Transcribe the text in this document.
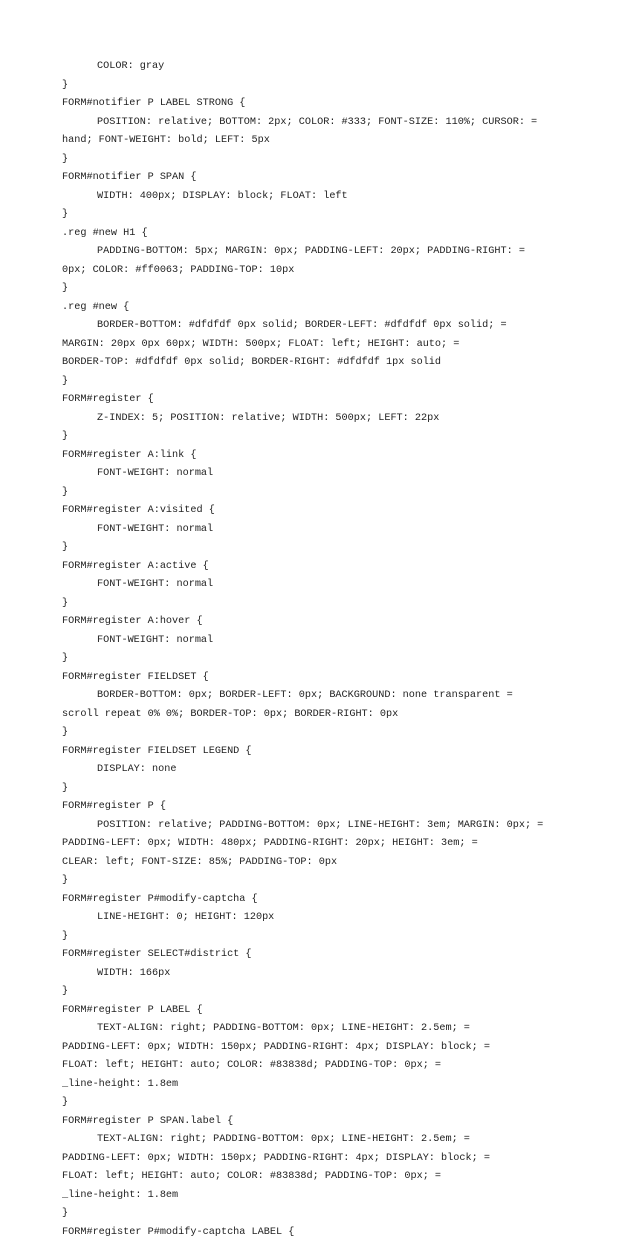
COLOR: gray
}
FORM#notifier P LABEL STRONG {
POSITION: relative; BOTTOM: 2px; COLOR: #333; FONT-SIZE: 110%; CURSOR: =
hand; FONT-WEIGHT: bold; LEFT: 5px
}
FORM#notifier P SPAN {
WIDTH: 400px; DISPLAY: block; FLOAT: left
}
.reg #new H1 {
PADDING-BOTTOM: 5px; MARGIN: 0px; PADDING-LEFT: 20px; PADDING-RIGHT: =
0px; COLOR: #ff0063; PADDING-TOP: 10px
}
.reg #new {
BORDER-BOTTOM: #dfdfdf 0px solid; BORDER-LEFT: #dfdfdf 0px solid; =
MARGIN: 20px 0px 60px; WIDTH: 500px; FLOAT: left; HEIGHT: auto; =
BORDER-TOP: #dfdfdf 0px solid; BORDER-RIGHT: #dfdfdf 1px solid
}
FORM#register {
Z-INDEX: 5; POSITION: relative; WIDTH: 500px; LEFT: 22px
}
FORM#register A:link {
FONT-WEIGHT: normal
}
FORM#register A:visited {
FONT-WEIGHT: normal
}
FORM#register A:active {
FONT-WEIGHT: normal
}
FORM#register A:hover {
FONT-WEIGHT: normal
}
FORM#register FIELDSET {
BORDER-BOTTOM: 0px; BORDER-LEFT: 0px; BACKGROUND: none transparent =
scroll repeat 0% 0%; BORDER-TOP: 0px; BORDER-RIGHT: 0px
}
FORM#register FIELDSET LEGEND {
DISPLAY: none
}
FORM#register P {
POSITION: relative; PADDING-BOTTOM: 0px; LINE-HEIGHT: 3em; MARGIN: 0px; =
PADDING-LEFT: 0px; WIDTH: 480px; PADDING-RIGHT: 20px; HEIGHT: 3em; =
CLEAR: left; FONT-SIZE: 85%; PADDING-TOP: 0px
}
FORM#register P#modify-captcha {
LINE-HEIGHT: 0; HEIGHT: 120px
}
FORM#register SELECT#district {
WIDTH: 166px
}
FORM#register P LABEL {
TEXT-ALIGN: right; PADDING-BOTTOM: 0px; LINE-HEIGHT: 2.5em; =
PADDING-LEFT: 0px; WIDTH: 150px; PADDING-RIGHT: 4px; DISPLAY: block; =
FLOAT: left; HEIGHT: auto; COLOR: #83838d; PADDING-TOP: 0px; =
_line-height: 1.8em
}
FORM#register P SPAN.label {
TEXT-ALIGN: right; PADDING-BOTTOM: 0px; LINE-HEIGHT: 2.5em; =
PADDING-LEFT: 0px; WIDTH: 150px; PADDING-RIGHT: 4px; DISPLAY: block; =
FLOAT: left; HEIGHT: auto; COLOR: #83838d; PADDING-TOP: 0px; =
_line-height: 1.8em
}
FORM#register P#modify-captcha LABEL {
